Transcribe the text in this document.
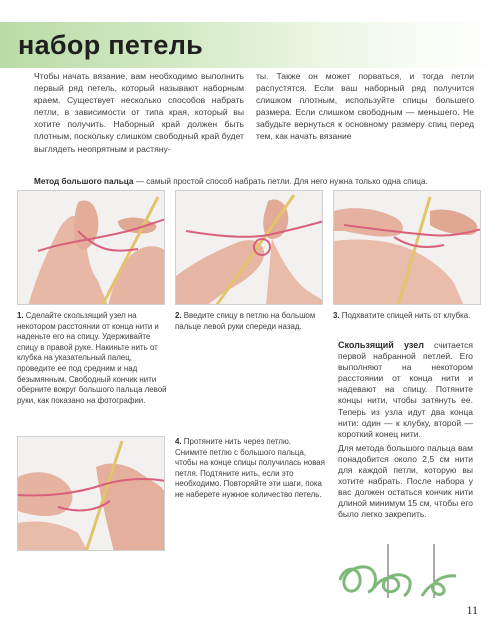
набор петель
Чтобы начать вязание, вам необходимо выполнить первый ряд петель, который называют наборным краем. Существует несколько способов набрать петли, в зависимости от типа края, который вы хотите получить. Наборный край должен быть плотным, поскольку слишком свободный край будет выглядеть неопрятным и растяну-
ты. Также он может порваться, и тогда петли распустятся. Если ваш наборный ряд получится слишком плотным, используйте спицы большего размера. Если слишком свободным — меньшего. Не забудьте вернуться к основному размеру спиц перед тем, как начать вязание
Метод большого пальца — самый простой способ набрать петли. Для него нужна только одна спица.
1. Сделайте скользящий узел на некотором расстоянии от конца нити и наденьте его на спицу. Удерживайте спицу в правой руке. Накиньте нить от клубка на указательный палец, проведите ее под средним и над безымянным. Свободный кончик нити оберните вокруг большого пальца левой руки, как показано на фотографии.
2. Введите спицу в петлю на большом пальце левой руки спереди назад.
3. Подхватите спицей нить от клубка.
4. Протяните нить через петлю. Снимите петлю с большого пальца, чтобы на конце спицы получилась новая петля. Подтяните нить, если это необходимо. Повторяйте эти шаги, пока не наберете нужное количество петель.

Скользящий узел считается первой набранной петлей. Его выполняют на некотором расстоянии от конца нити и надевают на спицу. Потяните концы нити, чтобы затянуть ее. Теперь из узла идут два конца нити: один — к клубку, второй — короткий конец нити.

Для метода большого пальца вам понадобится около 2,5 см нити для каждой петли, которую вы хотите набрать. После набора у вас должен остаться кончик нити длиной минимум 15 см, чтобы его было легко закрепить.

11
